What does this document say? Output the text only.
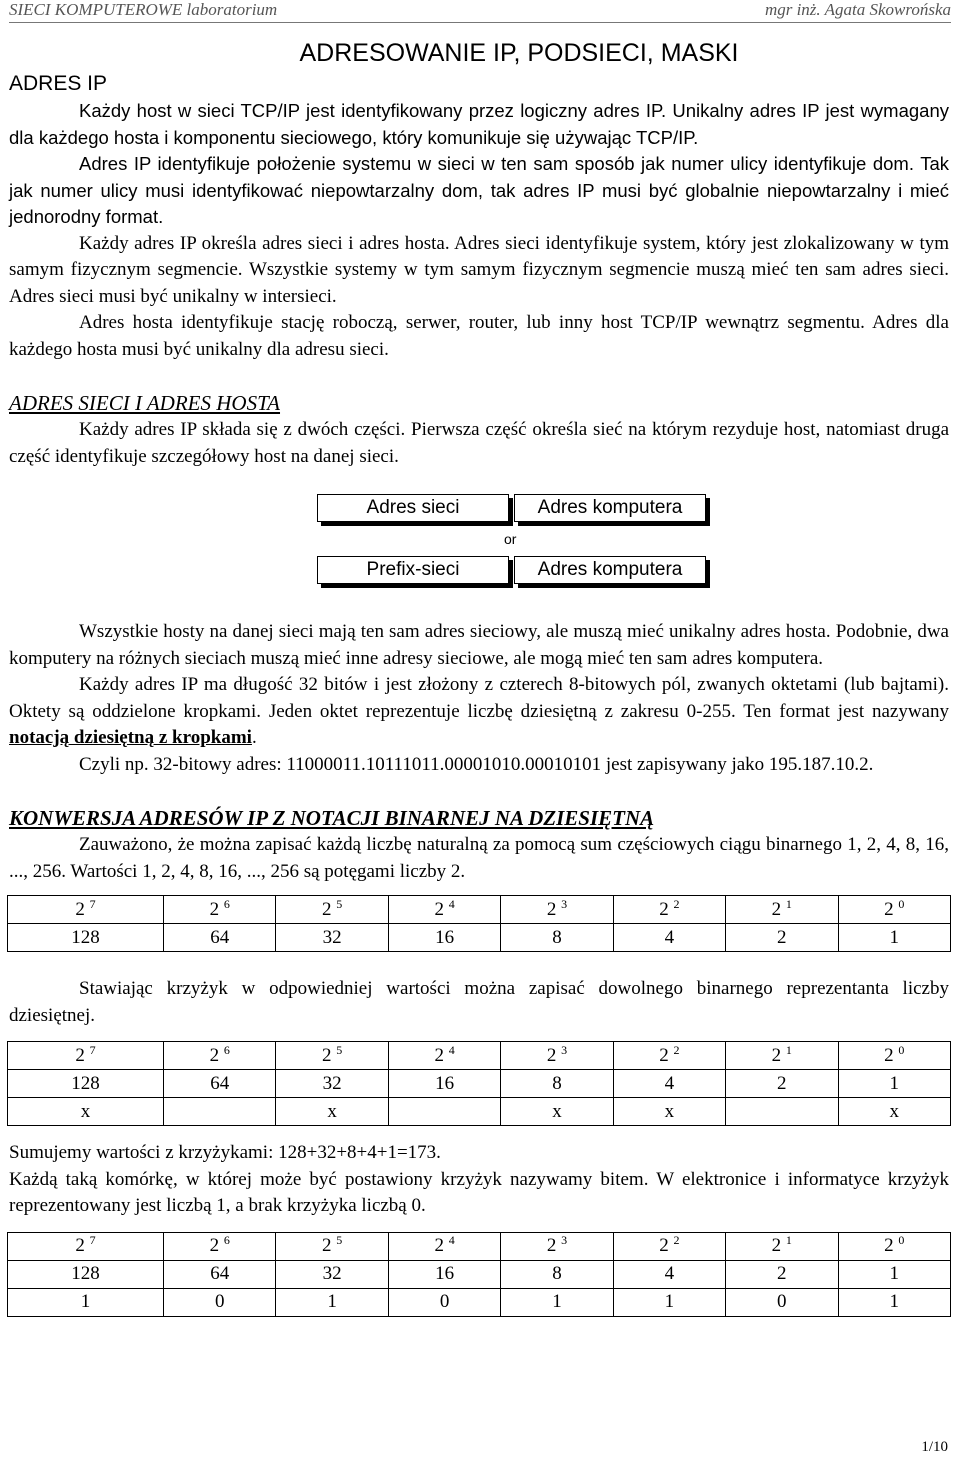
SIECI KOMPUTEROWE laboratorium	mgr inż. Agata Skowrońska
ADRESOWANIE IP, PODSIECI, MASKI
ADRES IP

Każdy host w sieci TCP/IP jest identyfikowany przez logiczny adres IP. Unikalny adres IP jest wymagany dla każdego hosta i komponentu sieciowego, który komunikuje się używając TCP/IP.

Adres IP identyfikuje położenie systemu w sieci w ten sam sposób jak numer ulicy identyfikuje dom. Tak jak numer ulicy musi identyfikować niepowtarzalny dom, tak adres IP musi być globalnie niepowtarzalny i mieć jednorodny format.

Każdy adres IP określa adres sieci i adres hosta. Adres sieci identyfikuje system, który jest zlokalizowany w tym samym fizycznym segmencie. Wszystkie systemy w tym samym fizycznym segmencie muszą mieć ten sam adres sieci. Adres sieci musi być unikalny w intersieci.

Adres hosta identyfikuje stację roboczą, serwer, router, lub inny host TCP/IP wewnątrz segmentu. Adres dla każdego hosta musi być unikalny dla adresu sieci.

ADRES SIECI I ADRES HOSTA

Każdy adres IP składa się z dwóch części. Pierwsza część określa sieć na którym rezyduje host, natomiast druga część identyfikuje szczegółowy host na danej sieci.

Adres sieci	Adres komputera
or
Prefix-sieci	Adres komputera

Wszystkie hosty na danej sieci mają ten sam adres sieciowy, ale muszą mieć unikalny adres hosta. Podobnie, dwa komputery na różnych sieciach muszą mieć inne adresy sieciowe, ale mogą mieć ten sam adres komputera.

Każdy adres IP ma długość 32 bitów i jest złożony z czterech 8-bitowych pól, zwanych oktetami (lub bajtami). Oktety są oddzielone kropkami. Jeden oktet reprezentuje liczbę dziesiętną z zakresu 0-255. Ten format jest nazywany notacją dziesiętną z kropkami.

Czyli np. 32-bitowy adres: 11000011.10111011.00001010.00010101 jest zapisywany jako 195.187.10.2.

KONWERSJA ADRESÓW IP Z NOTACJI BINARNEJ NA DZIESIĘTNĄ

Zauważono, że można zapisać każdą liczbę naturalną za pomocą sum częściowych ciągu binarnego 1, 2, 4, 8, 16, ..., 256. Wartości 1, 2, 4, 8, 16, ..., 256 są potęgami liczby 2.

2 $^7$	2 $^6$	2 $^5$	2 $^4$	2 $^3$	2 $^2$	2 $^1$	2 $^0$
128	64	32	16	8	4	2	1

Stawiając krzyżyk w odpowiedniej wartości można zapisać dowolnego binarnego reprezentanta liczby dziesiętnej.

2 $^7$	2 $^6$	2 $^5$	2 $^4$	2 $^3$	2 $^2$	2 $^1$	2 $^0$
128	64	32	16	8	4	2	1
x		x		x	x		x

Sumujemy wartości z krzyżykami: 128+32+8+4+1=173.

Każdą taką komórkę, w której może być postawiony krzyżyk nazywamy bitem. W elektronice i informatyce krzyżyk reprezentowany jest liczbą 1, a brak krzyżyka liczbą 0.

2 $^7$	2 $^6$	2 $^5$	2 $^4$	2 $^3$	2 $^2$	2 $^1$	2 $^0$
128	64	32	16	8	4	2	1
1	0	1	0	1	1	0	1
1/10
